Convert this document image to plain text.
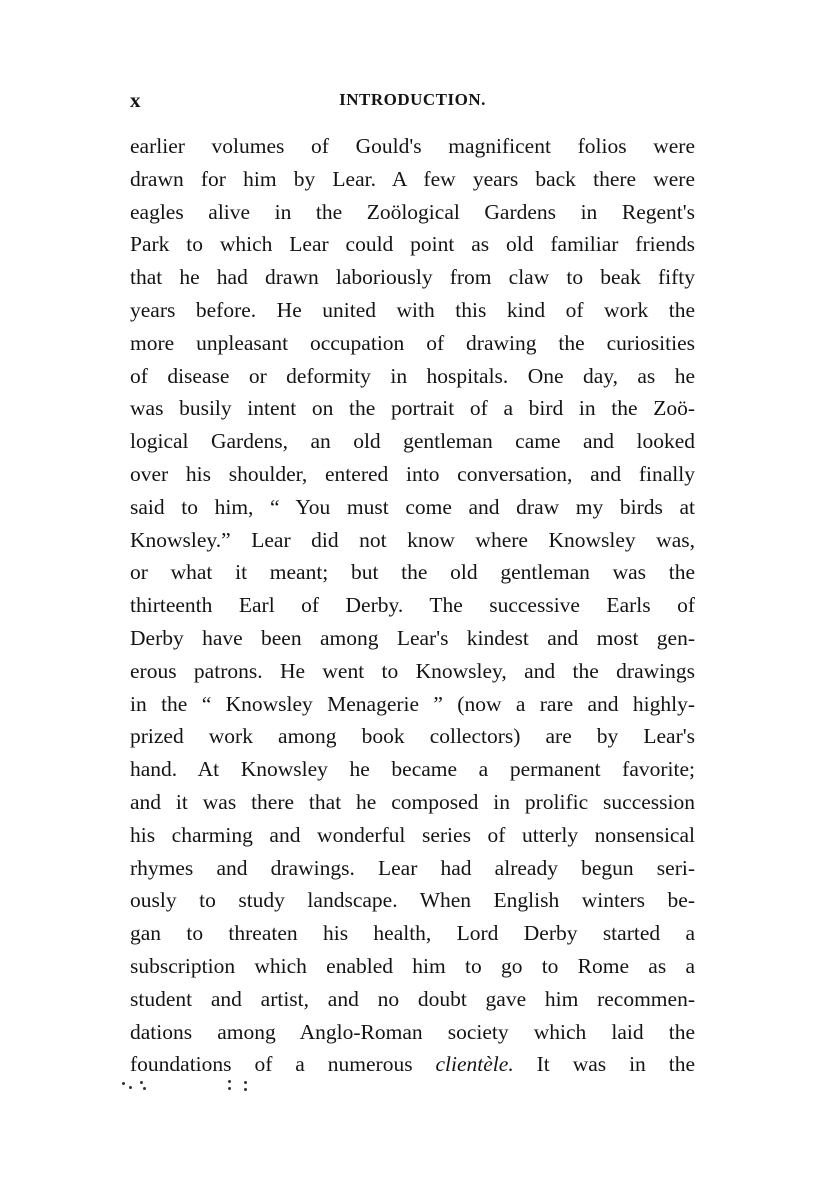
x	INTRODUCTION.
earlier volumes of Gould's magnificent folios were
drawn for him by Lear. A few years back there were
eagles alive in the Zoölogical Gardens in Regent's
Park to which Lear could point as old familiar friends
that he had drawn laboriously from claw to beak fifty
years before. He united with this kind of work the
more unpleasant occupation of drawing the curiosities
of disease or deformity in hospitals. One day, as he
was busily intent on the portrait of a bird in the Zoö-
logical Gardens, an old gentleman came and looked
over his shoulder, entered into conversation, and finally
said to him, “ You must come and draw my birds at
Knowsley.” Lear did not know where Knowsley was,
or what it meant; but the old gentleman was the
thirteenth Earl of Derby. The successive Earls of
Derby have been among Lear's kindest and most gen-
erous patrons. He went to Knowsley, and the drawings
in the “ Knowsley Menagerie ” (now a rare and highly-
prized work among book collectors) are by Lear's
hand. At Knowsley he became a permanent favorite;
and it was there that he composed in prolific succession
his charming and wonderful series of utterly nonsensical
rhymes and drawings. Lear had already begun seri-
ously to study landscape. When English winters be-
gan to threaten his health, Lord Derby started a
subscription which enabled him to go to Rome as a
student and artist, and no doubt gave him recommen-
dations among Anglo-Roman society which laid the
foundations of a numerous clientèle. It was in the
